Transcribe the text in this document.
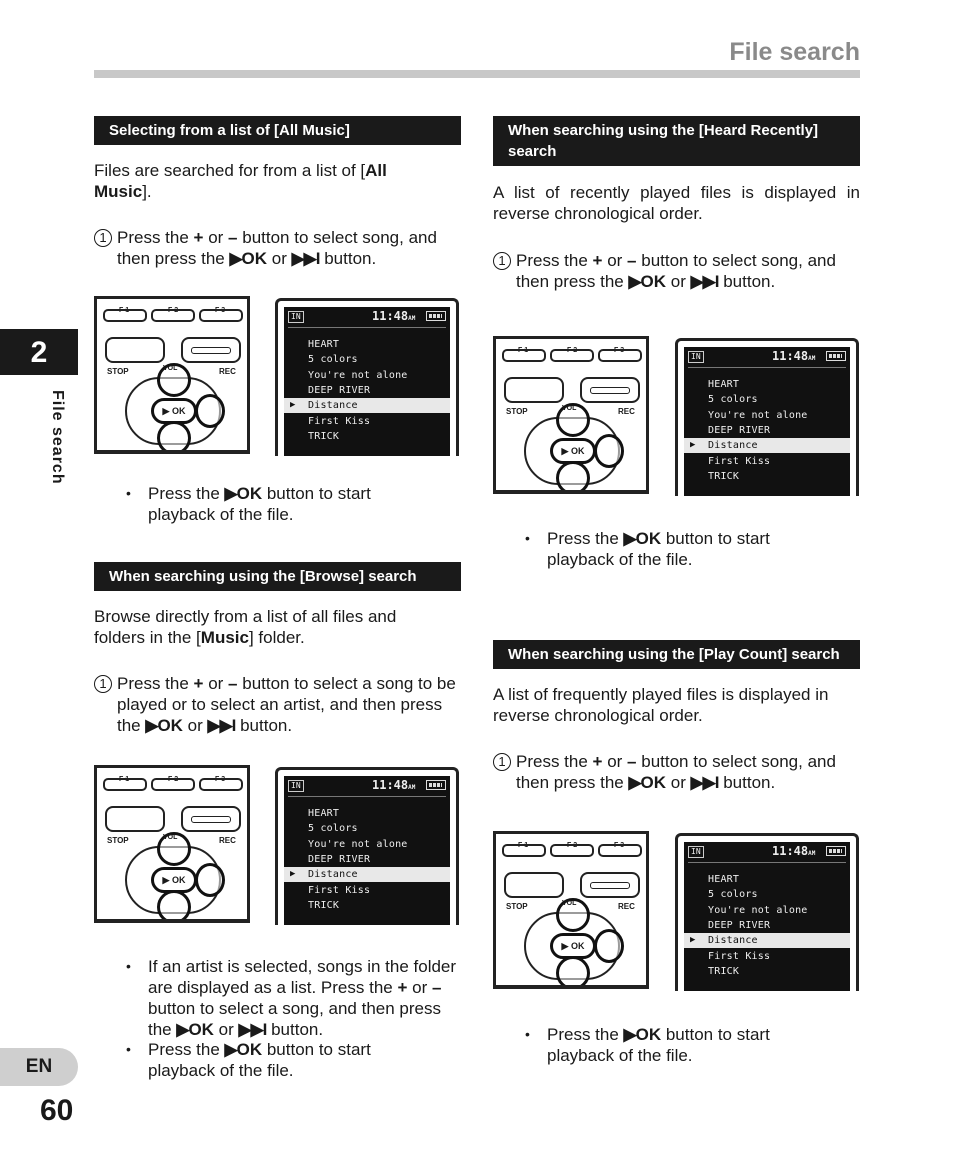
File search
2
File search
EN
60
Selecting from a list of [All Music]
Files are searched for from a list of [All Music].
1 Press the + or – button to select song, and then press the ▶OK or ▶▶I button.
F 1	F 2	F 3
STOP	REC
VOL
▶ OK
IN	11:48AM
HEART
5 colors
You're not alone
DEEP RIVER
▶ Distance
First Kiss
TRICK
• Press the ▶OK button to start playback of the file.
When searching using the [Browse] search
Browse directly from a list of all files and folders in the [Music] folder.
1 Press the + or – button to select a song to be played or to select an artist, and then press the ▶OK or ▶▶I button.
F 1	F 2	F 3
STOP	REC
VOL
▶ OK
IN	11:48AM
HEART
5 colors
You're not alone
DEEP RIVER
▶ Distance
First Kiss
TRICK
• If an artist is selected, songs in the folder are displayed as a list. Press the + or – button to select a song, and then press the ▶OK or ▶▶I button.
• Press the ▶OK button to start playback of the file.
When searching using the [Heard Recently] search
A list of recently played files is displayed in reverse chronological order.
1 Press the + or – button to select song, and then press the ▶OK or ▶▶I button.
F 1	F 2	F 3
STOP	REC
VOL
▶ OK
IN	11:48AM
HEART
5 colors
You're not alone
DEEP RIVER
▶ Distance
First Kiss
TRICK
• Press the ▶OK button to start playback of the file.
When searching using the [Play Count] search
A list of frequently played files is displayed in reverse chronological order.
1 Press the + or – button to select song, and then press the ▶OK or ▶▶I button.
F 1	F 2	F 3
STOP	REC
VOL
▶ OK
IN	11:48AM
HEART
5 colors
You're not alone
DEEP RIVER
▶ Distance
First Kiss
TRICK
• Press the ▶OK button to start playback of the file.
